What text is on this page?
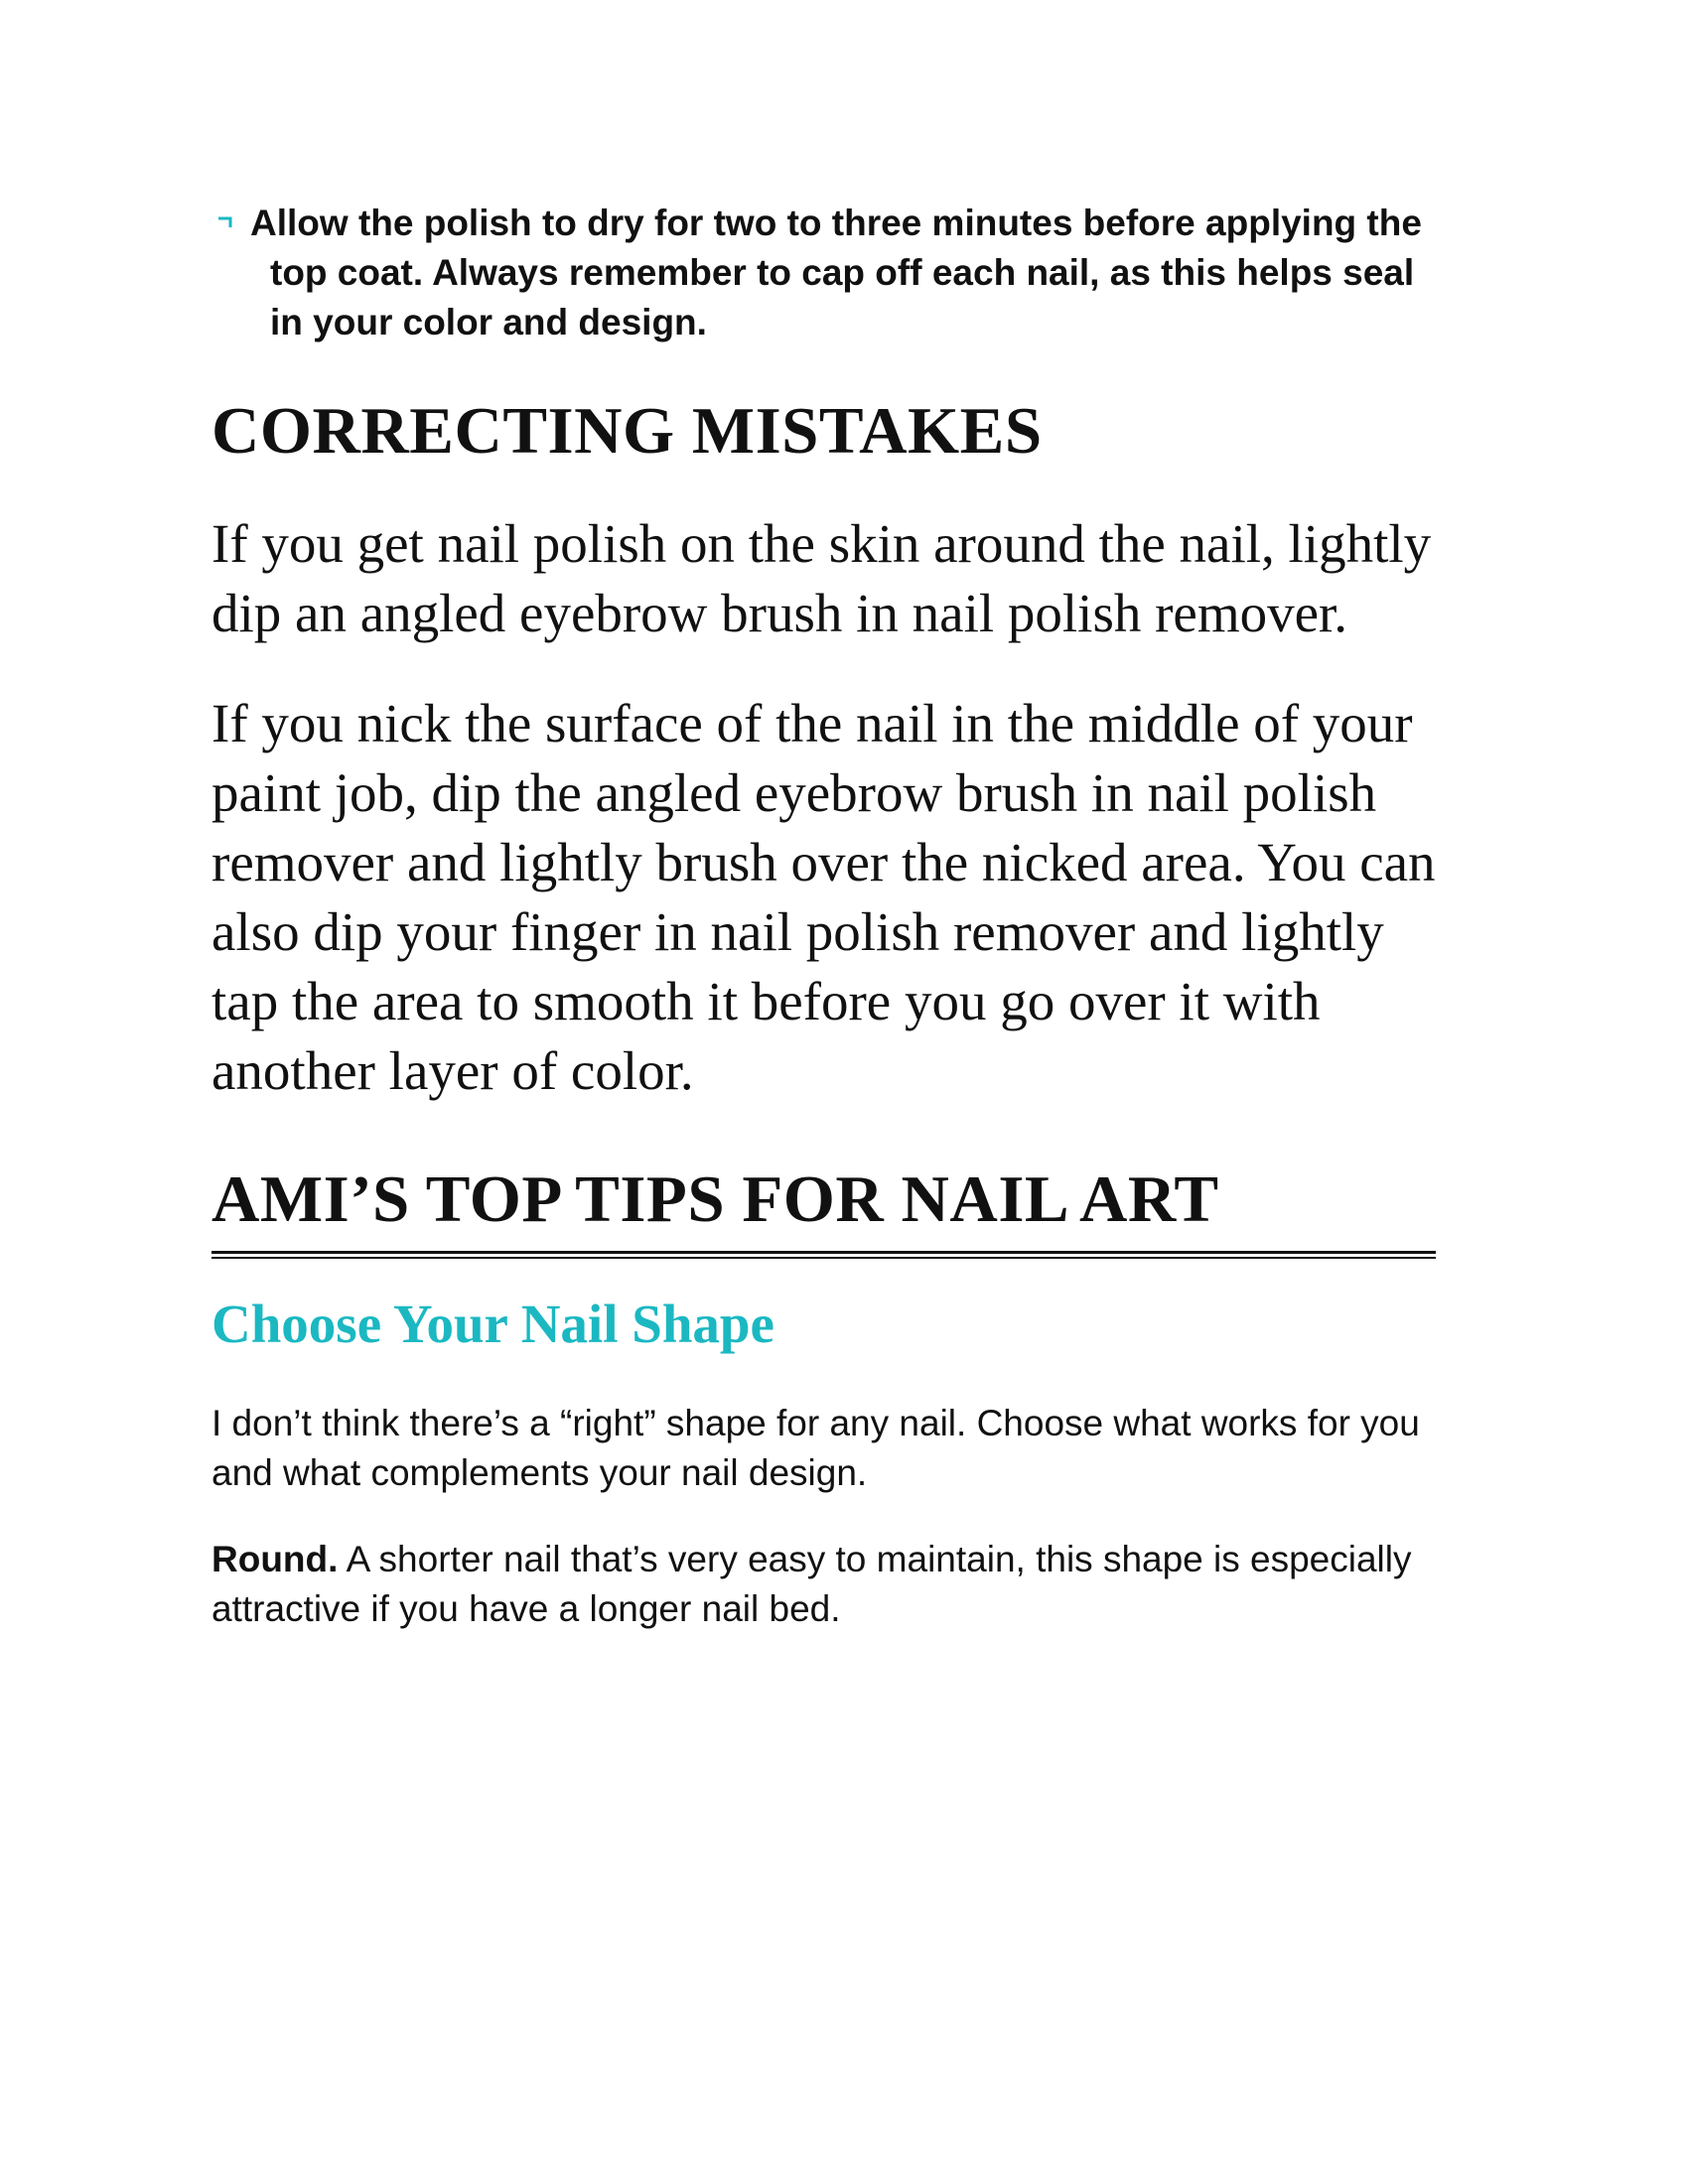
Allow the polish to dry for two to three minutes before applying the top coat. Always remember to cap off each nail, as this helps seal in your color and design.
CORRECTING MISTAKES

If you get nail polish on the skin around the nail, lightly dip an angled eyebrow brush in nail polish remover.

If you nick the surface of the nail in the middle of your paint job, dip the angled eyebrow brush in nail polish remover and lightly brush over the nicked area. You can also dip your finger in nail polish remover and lightly tap the area to smooth it before you go over it with another layer of color.

AMI’S TOP TIPS FOR NAIL ART
Choose Your Nail Shape

I don’t think there’s a “right” shape for any nail. Choose what works for you and what complements your nail design.

Round. A shorter nail that’s very easy to maintain, this shape is especially attractive if you have a longer nail bed.
